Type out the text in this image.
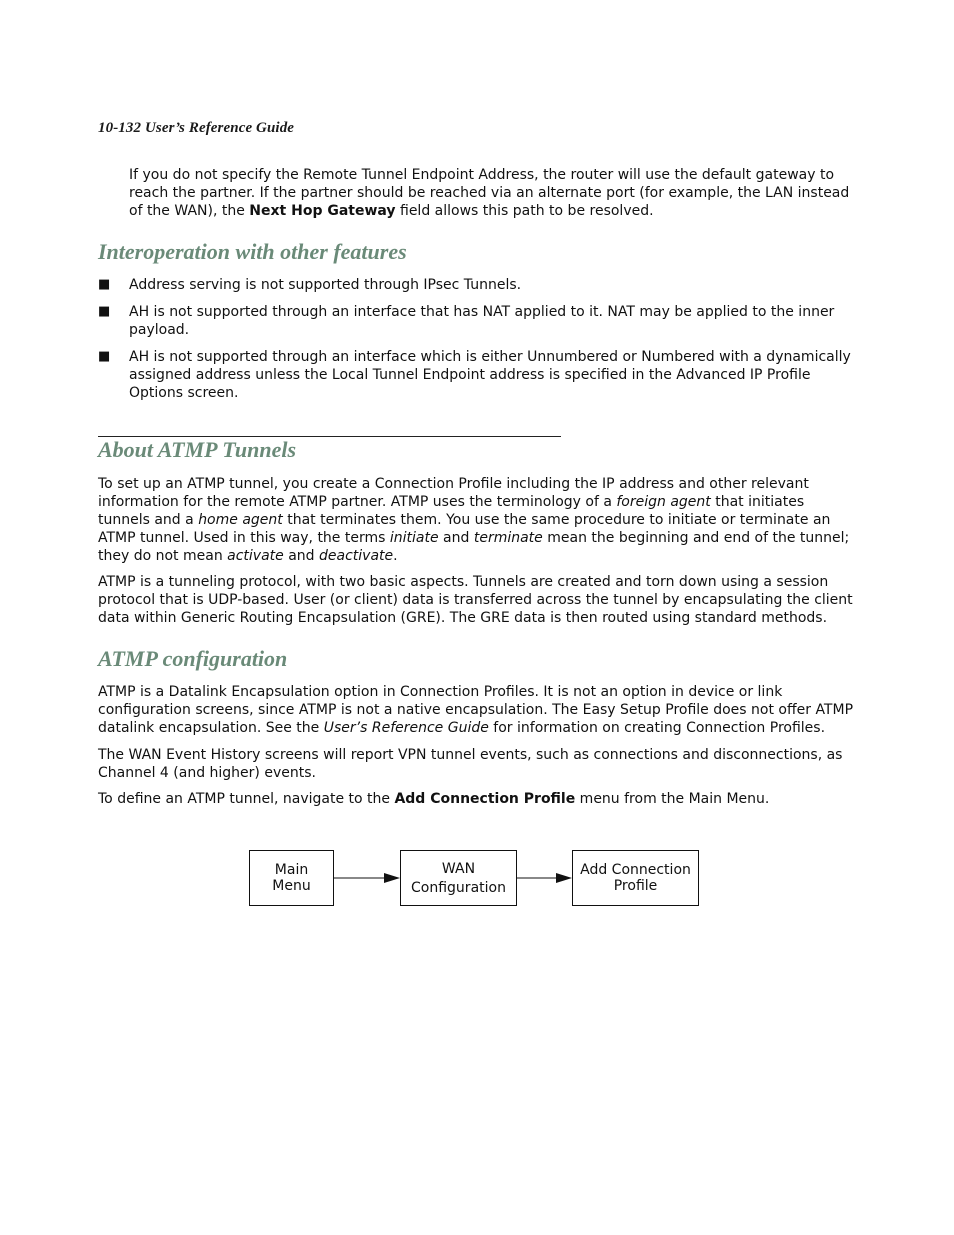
10-132 User’s Reference Guide

If you do not specify the Remote Tunnel Endpoint Address, the router will use the default gateway to reach the partner. If the partner should be reached via an alternate port (for example, the LAN instead of the WAN), the Next Hop Gateway field allows this path to be resolved.

Interoperation with other features
■ Address serving is not supported through IPsec Tunnels.
■ AH is not supported through an interface that has NAT applied to it. NAT may be applied to the inner payload.
■ AH is not supported through an interface which is either Unnumbered or Numbered with a dynamically assigned address unless the Local Tunnel Endpoint address is specified in the Advanced IP Profile Options screen.
About ATMP Tunnels

To set up an ATMP tunnel, you create a Connection Profile including the IP address and other relevant information for the remote ATMP partner. ATMP uses the terminology of a foreign agent that initiates tunnels and a home agent that terminates them. You use the same procedure to initiate or terminate an ATMP tunnel. Used in this way, the terms initiate and terminate mean the beginning and end of the tunnel; they do not mean activate and deactivate.

ATMP is a tunneling protocol, with two basic aspects. Tunnels are created and torn down using a session protocol that is UDP-based. User (or client) data is transferred across the tunnel by encapsulating the client data within Generic Routing Encapsulation (GRE). The GRE data is then routed using standard methods.

ATMP configuration

ATMP is a Datalink Encapsulation option in Connection Profiles. It is not an option in device or link configuration screens, since ATMP is not a native encapsulation. The Easy Setup Profile does not offer ATMP datalink encapsulation. See the User’s Reference Guide for information on creating Connection Profiles.

The WAN Event History screens will report VPN tunnel events, such as connections and disconnections, as Channel 4 (and higher) events.

To define an ATMP tunnel, navigate to the Add Connection Profile menu from the Main Menu.

Main
Menu
WAN
Configuration
Add Connection
Profile
